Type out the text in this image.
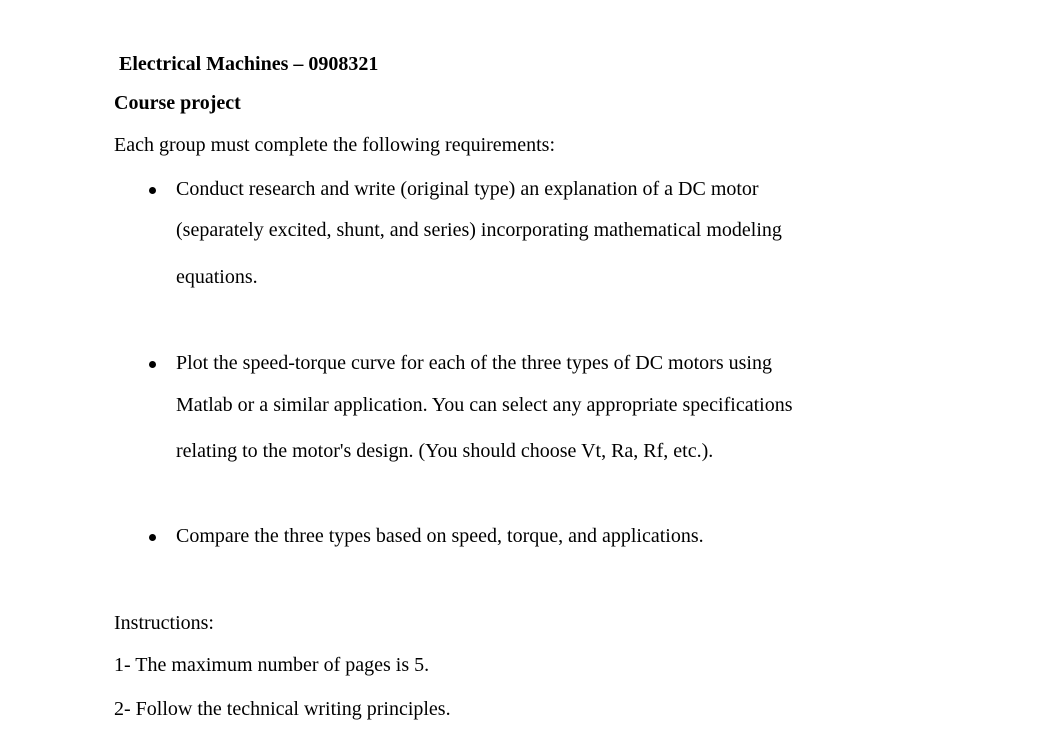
Electrical Machines – 0908321
Course project
Each group must complete the following requirements:
Conduct research and write (original type) an explanation of a DC motor
(separately excited, shunt, and series) incorporating mathematical modeling
equations.
Plot the speed-torque curve for each of the three types of DC motors using
Matlab or a similar application. You can select any appropriate specifications
relating to the motor's design. (You should choose Vt, Ra, Rf, etc.).
Compare the three types based on speed, torque, and applications.
Instructions:
1- The maximum number of pages is 5.
2- Follow the technical writing principles.
